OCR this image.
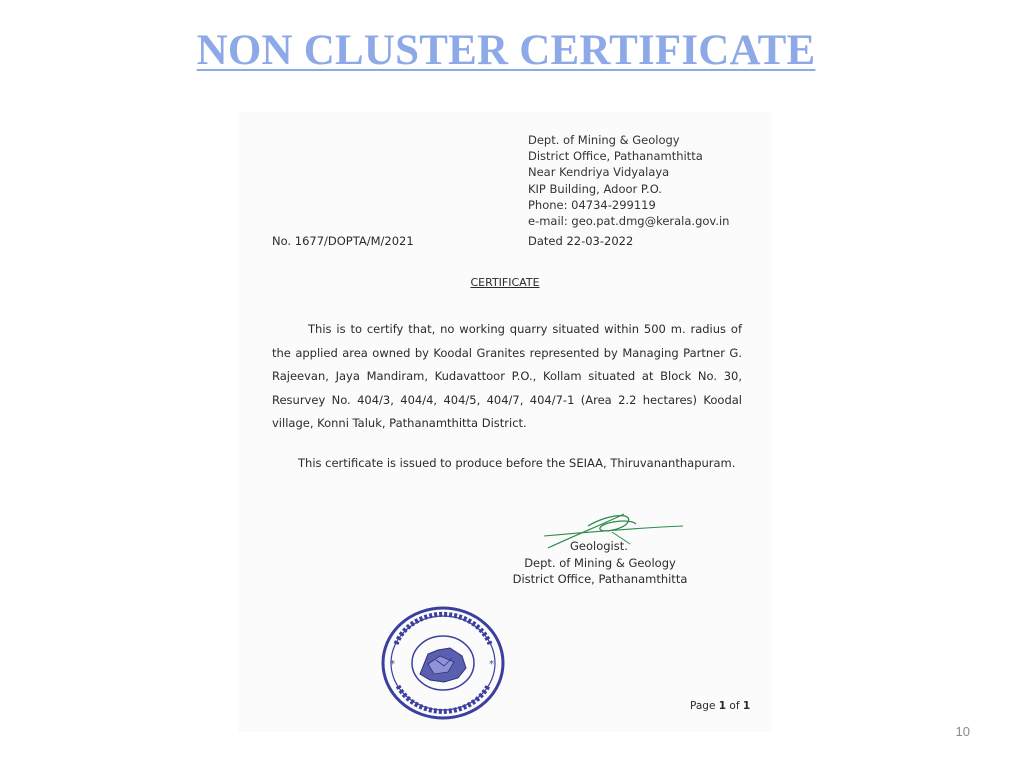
NON CLUSTER CERTIFICATE
Dept. of Mining & Geology
District Office, Pathanamthitta
Near Kendriya Vidyalaya
KIP Building, Adoor P.O.
Phone: 04734-299119
e-mail: geo.pat.dmg@kerala.gov.in
No. 1677/DOPTA/M/2021	Dated 22-03-2022
CERTIFICATE

This is to certify that, no working quarry situated within 500 m. radius of the applied area owned by Koodal Granites represented by Managing Partner G. Rajeevan, Jaya Mandiram, Kudavattoor P.O., Kollam situated at Block No. 30, Resurvey No. 404/3, 404/4, 404/5, 404/7, 404/7-1 (Area 2.2 hectares) Koodal village, Konni Taluk, Pathanamthitta District.

This certificate is issued to produce before the SEIAA, Thiruvananthapuram.

Geologist.
Dept. of Mining & Geology
District Office, Pathanamthitta
*	*
Page 1 of 1
10
